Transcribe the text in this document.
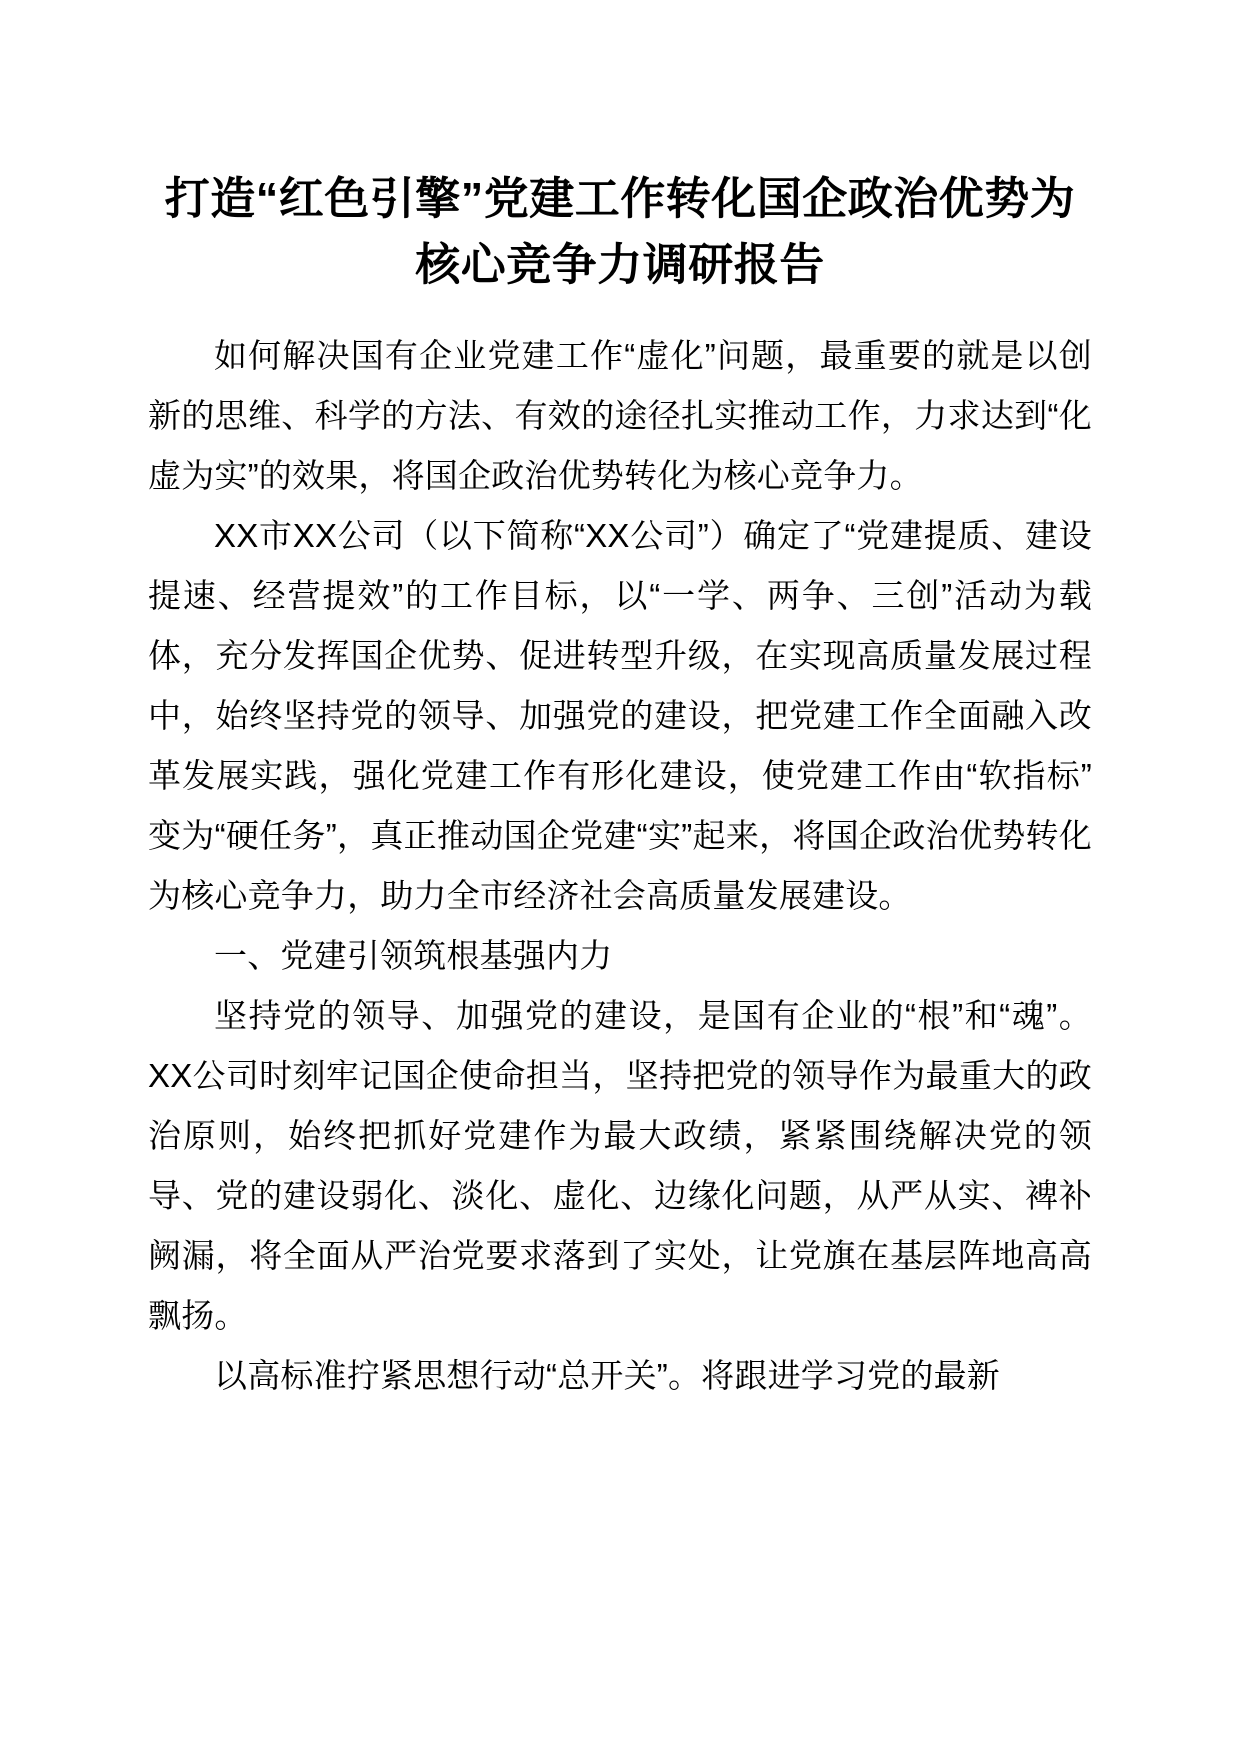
打造“红色引擎”党建工作转化国企政治优势为核心竞争力调研报告

如何解决国有企业党建工作“虚化”问题，最重要的就是以创新的思维、科学的方法、有效的途径扎实推动工作，力求达到“化虚为实”的效果，将国企政治优势转化为核心竞争力。

XX市XX公司（以下简称“XX公司”）确定了“党建提质、建设提速、经营提效”的工作目标，以“一学、两争、三创”活动为载体，充分发挥国企优势、促进转型升级，在实现高质量发展过程中，始终坚持党的领导、加强党的建设，把党建工作全面融入改革发展实践，强化党建工作有形化建设，使党建工作由“软指标”变为“硬任务”，真正推动国企党建“实”起来，将国企政治优势转化为核心竞争力，助力全市经济社会高质量发展建设。

一、党建引领筑根基强内力

坚持党的领导、加强党的建设，是国有企业的“根”和“魂”。XX公司时刻牢记国企使命担当，坚持把党的领导作为最重大的政治原则，始终把抓好党建作为最大政绩，紧紧围绕解决党的领导、党的建设弱化、淡化、虚化、边缘化问题，从严从实、裨补阙漏，将全面从严治党要求落到了实处，让党旗在基层阵地高高飘扬。

以高标准拧紧思想行动“总开关”。将跟进学习党的最新
